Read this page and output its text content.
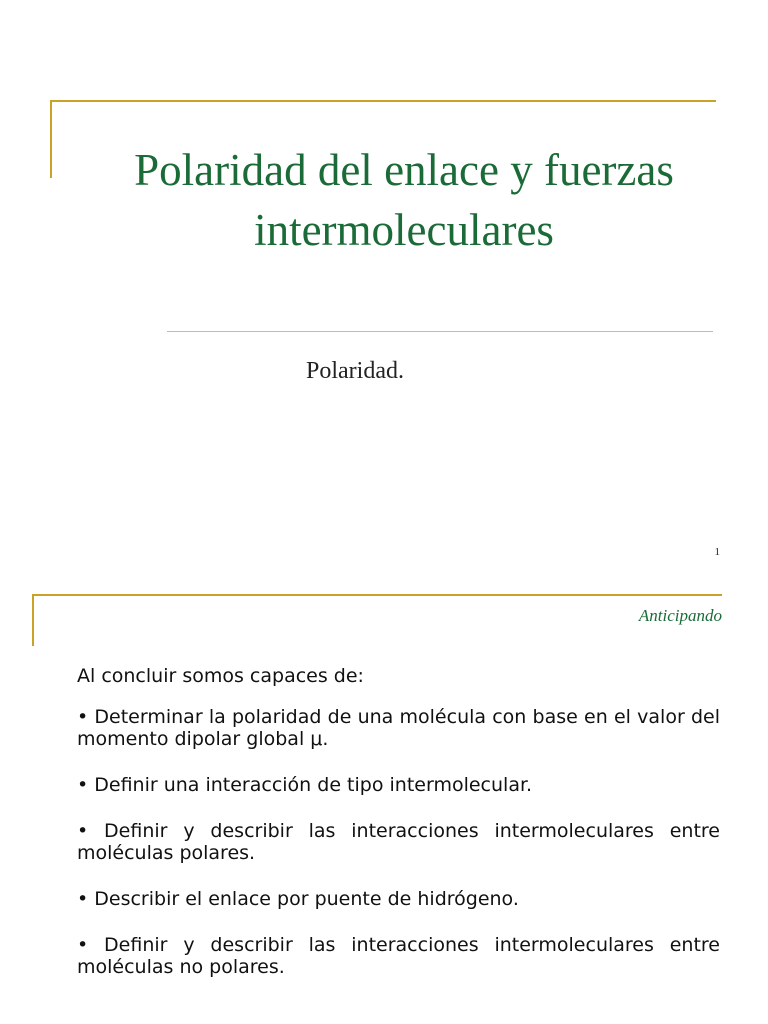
Polaridad del enlace y fuerzas intermoleculares

Polaridad.

1
Anticipando

Al concluir somos capaces de:

• Determinar la polaridad de una molécula con base en el valor del momento dipolar global μ.
• Definir una interacción de tipo intermolecular.
• Definir y describir las interacciones intermoleculares entre moléculas polares.
• Describir el enlace por puente de hidrógeno.
• Definir y describir las interacciones intermoleculares entre moléculas no polares.
